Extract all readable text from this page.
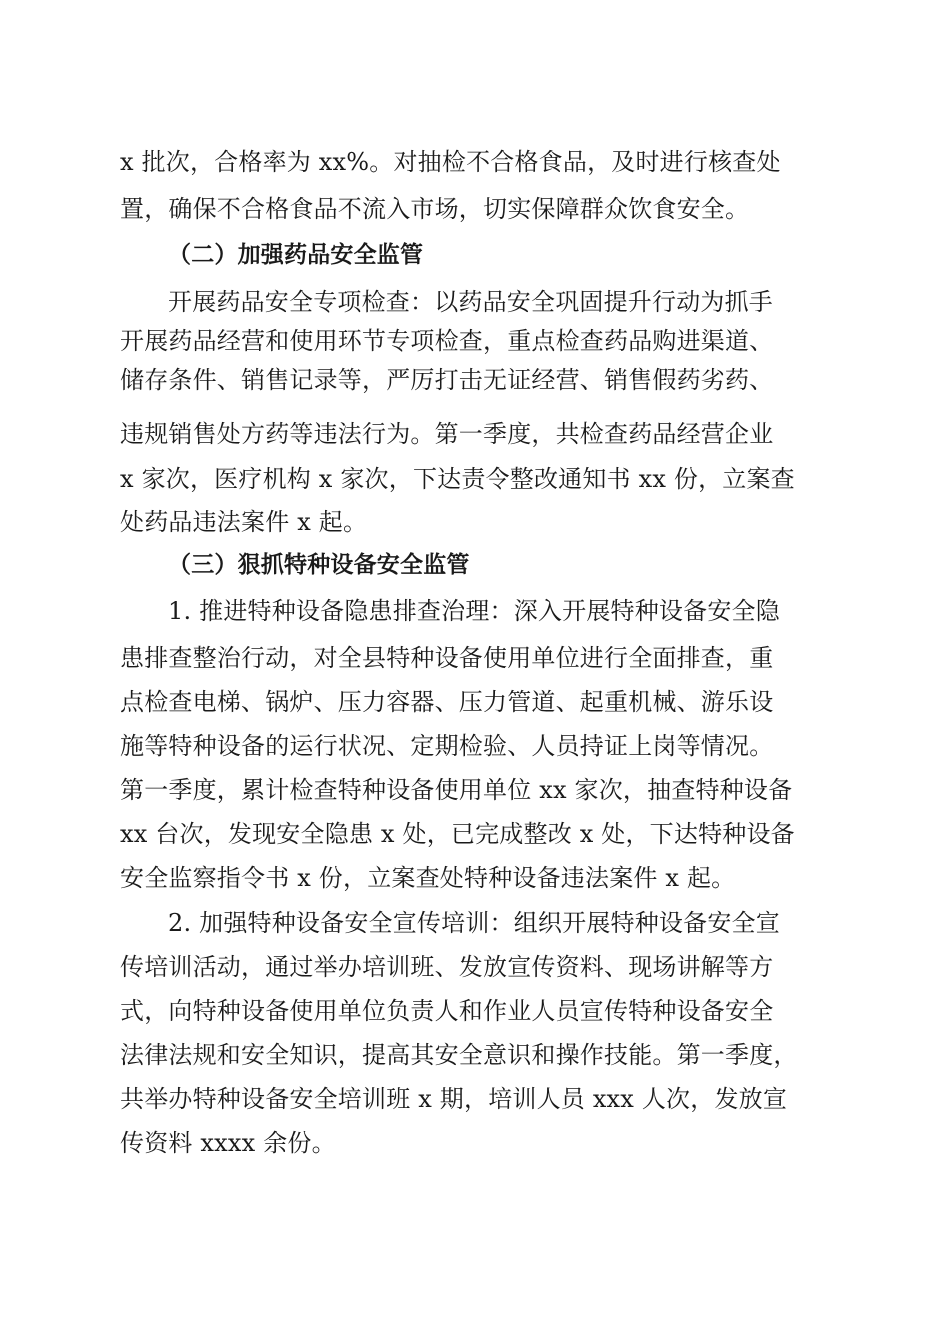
x 批次，合格率为 xx%。对抽检不合格食品，及时进行核查处
置，确保不合格食品不流入市场，切实保障群众饮食安全。
（二）加强药品安全监管
开展药品安全专项检查：以药品安全巩固提升行动为抓手
开展药品经营和使用环节专项检查，重点检查药品购进渠道、
储存条件、销售记录等，严厉打击无证经营、销售假药劣药、
违规销售处方药等违法行为。第一季度，共检查药品经营企业
x 家次，医疗机构 x 家次，下达责令整改通知书 xx 份，立案查
处药品违法案件 x 起。
（三）狠抓特种设备安全监管
1. 推进特种设备隐患排查治理：深入开展特种设备安全隐
患排查整治行动，对全县特种设备使用单位进行全面排查，重
点检查电梯、锅炉、压力容器、压力管道、起重机械、游乐设
施等特种设备的运行状况、定期检验、人员持证上岗等情况。
第一季度，累计检查特种设备使用单位 xx 家次，抽查特种设备
xx 台次，发现安全隐患 x 处，已完成整改 x 处，下达特种设备
安全监察指令书 x 份，立案查处特种设备违法案件 x 起。
2. 加强特种设备安全宣传培训：组织开展特种设备安全宣
传培训活动，通过举办培训班、发放宣传资料、现场讲解等方
式，向特种设备使用单位负责人和作业人员宣传特种设备安全
法律法规和安全知识，提高其安全意识和操作技能。第一季度，
共举办特种设备安全培训班 x 期，培训人员 xxx 人次，发放宣
传资料 xxxx 余份。
